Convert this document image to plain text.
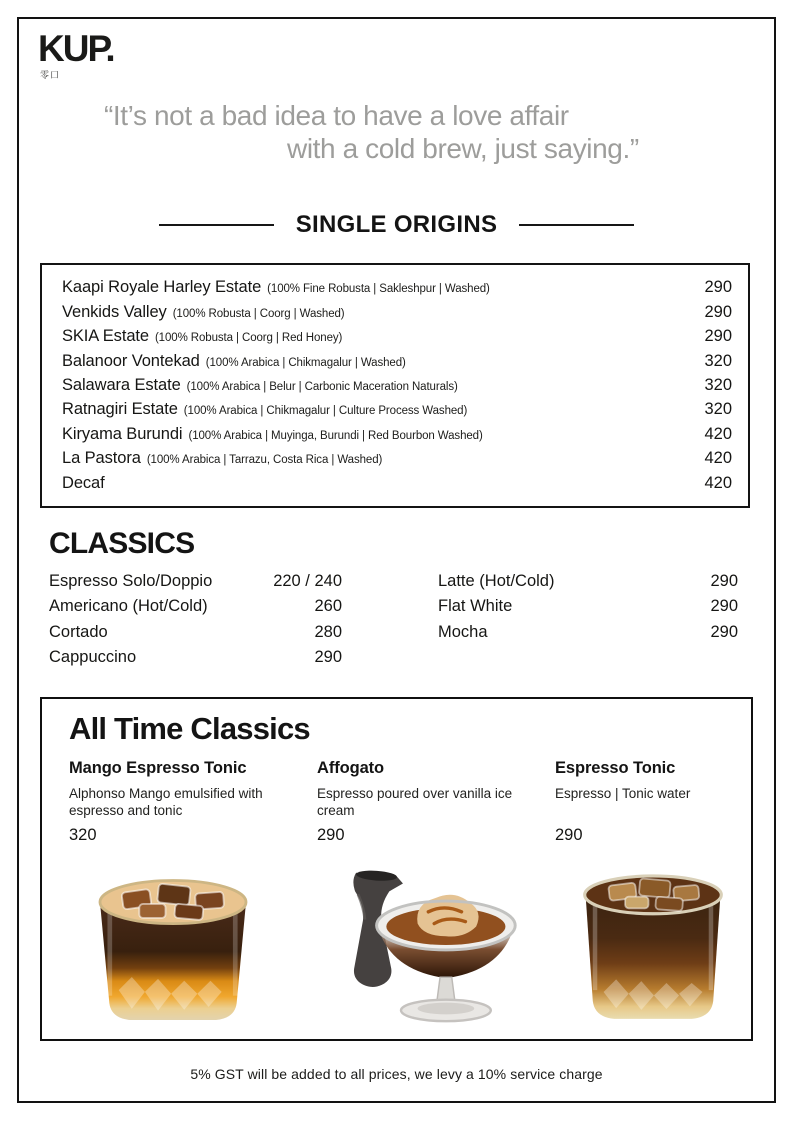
KUP.
零口
“It’s not a bad idea to have a love affair
with a cold brew, just saying.”
SINGLE ORIGINS
Kaapi Royale Harley Estate (100% Fine Robusta | Sakleshpur | Washed)	290
Venkids Valley (100% Robusta | Coorg | Washed)	290
SKIA Estate (100% Robusta | Coorg | Red Honey)	290
Balanoor Vontekad (100% Arabica | Chikmagalur | Washed)	320
Salawara Estate (100% Arabica | Belur | Carbonic Maceration Naturals)	320
Ratnagiri Estate (100% Arabica | Chikmagalur | Culture Process Washed)	320
Kiryama Burundi (100% Arabica | Muyinga, Burundi | Red Bourbon Washed)	420
La Pastora (100% Arabica | Tarrazu, Costa Rica | Washed)	420
Decaf	420
CLASSICS
Espresso Solo/Doppio	220 / 240
Americano (Hot/Cold)	260
Cortado	280
Cappuccino	290
Latte (Hot/Cold)	290
Flat White	290
Mocha	290
All Time Classics
Mango Espresso Tonic
Alphonso Mango emulsified with espresso and tonic
320
Affogato
Espresso poured over vanilla ice cream
290
Espresso Tonic
Espresso | Tonic water
290
5% GST will be added to all prices, we levy a 10% service charge
